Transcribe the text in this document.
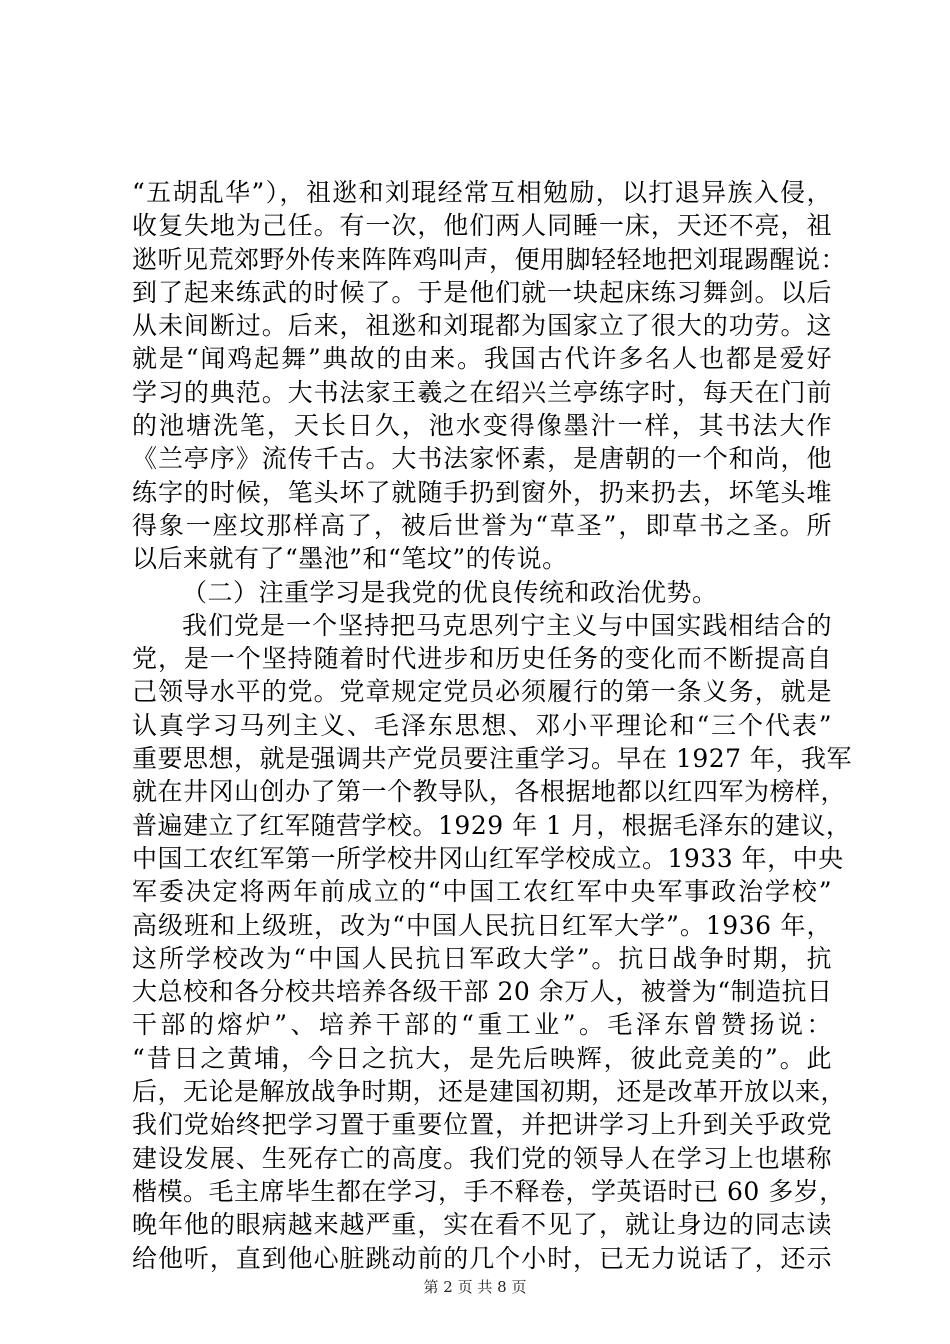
“五胡乱华”），祖逖和刘琨经常互相勉励，以打退异族入侵，
收复失地为己任。有一次，他们两人同睡一床，天还不亮，祖
逖听见荒郊野外传来阵阵鸡叫声，便用脚轻轻地把刘琨踢醒说：
到了起来练武的时候了。于是他们就一块起床练习舞剑。以后
从未间断过。后来，祖逖和刘琨都为国家立了很大的功劳。这
就是“闻鸡起舞”典故的由来。我国古代许多名人也都是爱好
学习的典范。大书法家王羲之在绍兴兰亭练字时，每天在门前
的池塘洗笔，天长日久，池水变得像墨汁一样，其书法大作
《兰亭序》流传千古。大书法家怀素，是唐朝的一个和尚，他
练字的时候，笔头坏了就随手扔到窗外，扔来扔去，坏笔头堆
得象一座坟那样高了，被后世誉为“草圣”，即草书之圣。所
以后来就有了“墨池”和“笔坟”的传说。
（二）注重学习是我党的优良传统和政治优势。
我们党是一个坚持把马克思列宁主义与中国实践相结合的
党，是一个坚持随着时代进步和历史任务的变化而不断提高自
己领导水平的党。党章规定党员必须履行的第一条义务，就是
认真学习马列主义、毛泽东思想、邓小平理论和“三个代表”
重要思想，就是强调共产党员要注重学习。早在 1927 年，我军
就在井冈山创办了第一个教导队，各根据地都以红四军为榜样，
普遍建立了红军随营学校。1929 年 1 月，根据毛泽东的建议，
中国工农红军第一所学校井冈山红军学校成立。1933 年，中央
军委决定将两年前成立的“中国工农红军中央军事政治学校”
高级班和上级班，改为“中国人民抗日红军大学”。1936 年，
这所学校改为“中国人民抗日军政大学”。抗日战争时期，抗
大总校和各分校共培养各级干部 20 余万人，被誉为“制造抗日
干部的熔炉”、培养干部的“重工业”。毛泽东曾赞扬说：
“昔日之黄埔，今日之抗大，是先后映辉，彼此竞美的”。此
后，无论是解放战争时期，还是建国初期，还是改革开放以来，
我们党始终把学习置于重要位置，并把讲学习上升到关乎政党
建设发展、生死存亡的高度。我们党的领导人在学习上也堪称
楷模。毛主席毕生都在学习，手不释卷，学英语时已 60 多岁，
晚年他的眼病越来越严重，实在看不见了，就让身边的同志读
给他听，直到他心脏跳动前的几个小时，已无力说话了，还示
第 2 页 共 8 页
